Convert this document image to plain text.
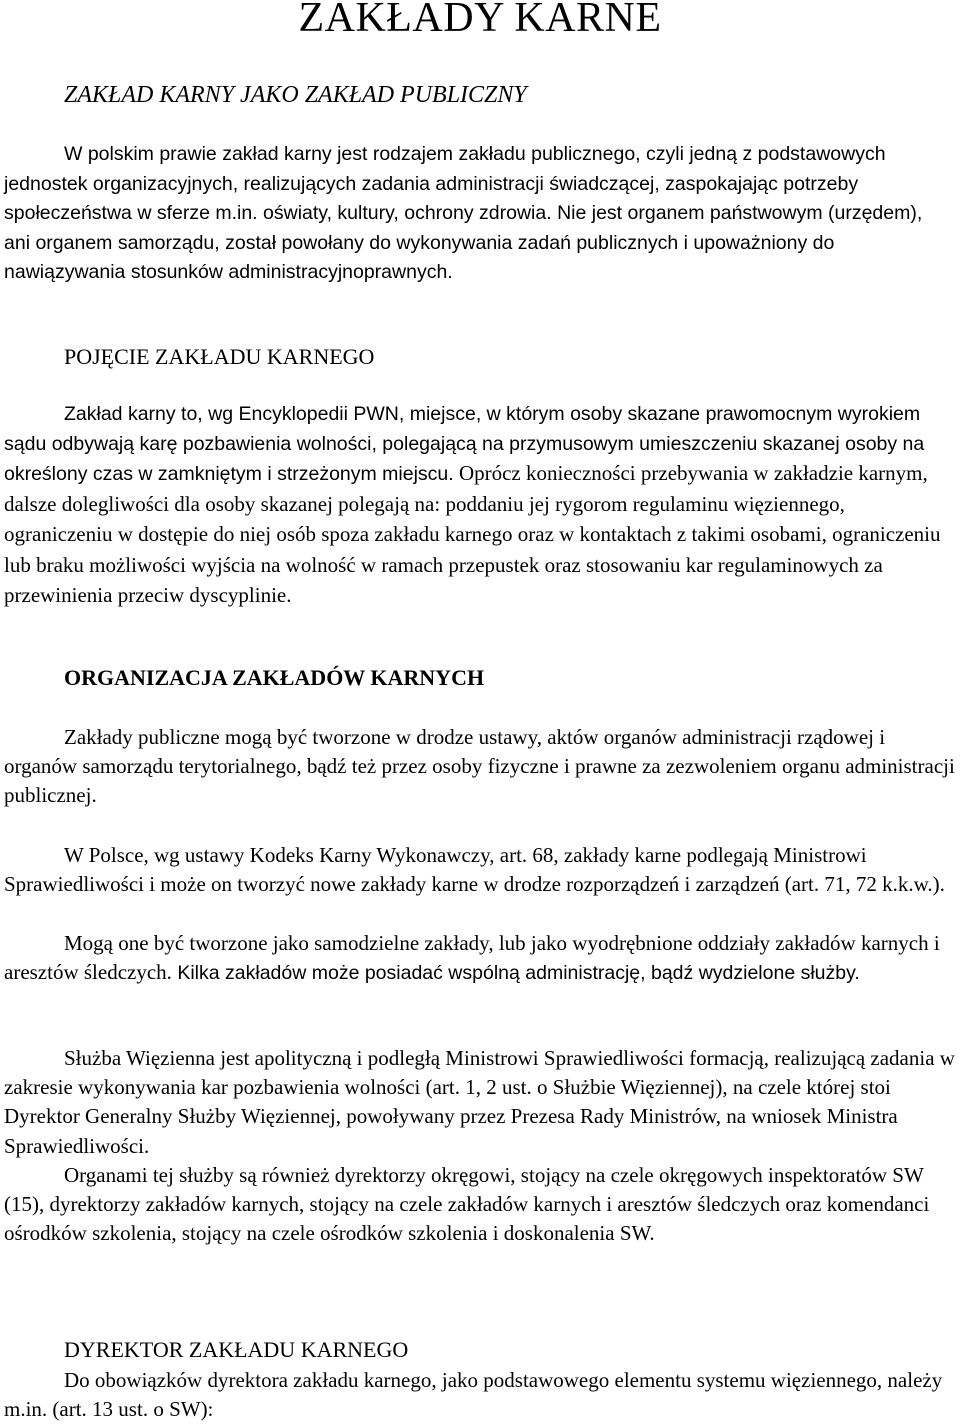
ZAKŁADY KARNE
ZAKŁAD KARNY JAKO ZAKŁAD PUBLICZNY

W polskim prawie zakład karny jest rodzajem zakładu publicznego, czyli jedną z podstawowych jednostek organizacyjnych, realizujących zadania administracji świadczącej, zaspokajając potrzeby społeczeństwa w sferze m.in. oświaty, kultury, ochrony zdrowia. Nie jest organem państwowym (urzędem), ani organem samorządu, został powołany do wykonywania zadań publicznych i upoważniony do nawiązywania stosunków administracyjnoprawnych.

POJĘCIE ZAKŁADU KARNEGO

Zakład karny to, wg Encyklopedii PWN, miejsce, w którym osoby skazane prawomocnym wyrokiem sądu odbywają karę pozbawienia wolności, polegającą na przymusowym umieszczeniu skazanej osoby na określony czas w zamkniętym i strzeżonym miejscu. Oprócz konieczności przebywania w zakładzie karnym, dalsze dolegliwości dla osoby skazanej polegają na: poddaniu jej rygorom regulaminu więziennego, ograniczeniu w dostępie do niej osób spoza zakładu karnego oraz w kontaktach z takimi osobami, ograniczeniu lub braku możliwości wyjścia na wolność w ramach przepustek oraz stosowaniu kar regulaminowych za przewinienia przeciw dyscyplinie.

ORGANIZACJA ZAKŁADÓW KARNYCH

Zakłady publiczne mogą być tworzone w drodze ustawy, aktów organów administracji rządowej i organów samorządu terytorialnego, bądź też przez osoby fizyczne i prawne za zezwoleniem organu administracji publicznej.

W Polsce, wg ustawy Kodeks Karny Wykonawczy, art. 68, zakłady karne podlegają Ministrowi Sprawiedliwości i może on tworzyć nowe zakłady karne w drodze rozporządzeń i zarządzeń (art. 71, 72 k.k.w.).

Mogą one być tworzone jako samodzielne zakłady, lub jako wyodrębnione oddziały zakładów karnych i aresztów śledczych. Kilka zakładów może posiadać wspólną administrację, bądź wydzielone służby.

Służba Więzienna jest apolityczną i podległą Ministrowi Sprawiedliwości formacją, realizującą zadania w zakresie wykonywania kar pozbawienia wolności (art. 1, 2 ust. o Służbie Więziennej), na czele której stoi Dyrektor Generalny Służby Więziennej, powoływany przez Prezesa Rady Ministrów, na wniosek Ministra Sprawiedliwości.

Organami tej służby są również dyrektorzy okręgowi, stojący na czele okręgowych inspektoratów SW (15), dyrektorzy zakładów karnych, stojący na czele zakładów karnych i aresztów śledczych oraz komendanci ośrodków szkolenia, stojący na czele ośrodków szkolenia i doskonalenia SW.

DYREKTOR ZAKŁADU KARNEGO

Do obowiązków dyrektora zakładu karnego, jako podstawowego elementu systemu więziennego, należy m.in. (art. 13 ust. o SW):
